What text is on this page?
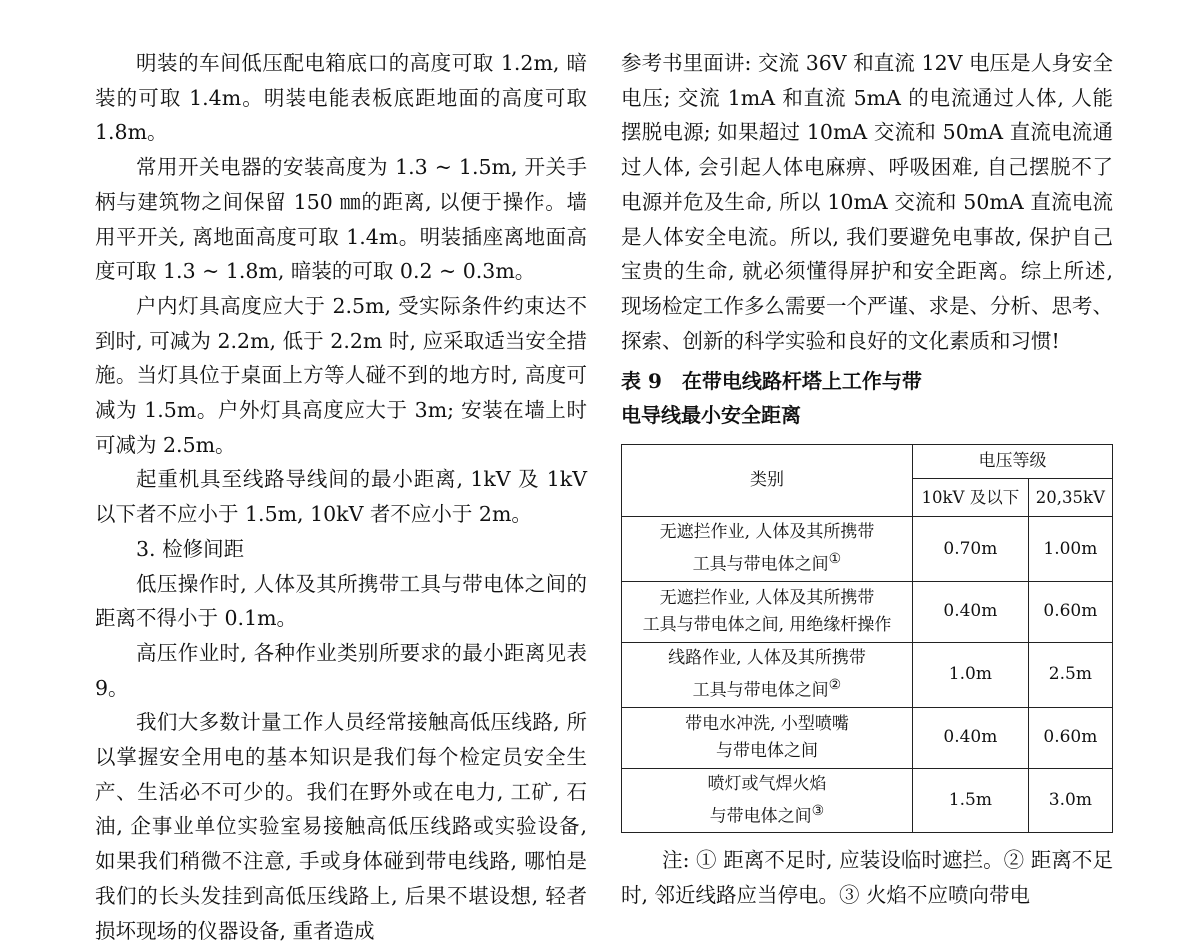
明装的车间低压配电箱底口的高度可取 1.2m, 暗装的可取 1.4m。明装电能表板底距地面的高度可取 1.8m。

常用开关电器的安装高度为 1.3 ~ 1.5m, 开关手柄与建筑物之间保留 150 ㎜的距离, 以便于操作。墙用平开关, 离地面高度可取 1.4m。明装插座离地面高度可取 1.3 ~ 1.8m, 暗装的可取 0.2 ~ 0.3m。

户内灯具高度应大于 2.5m, 受实际条件约束达不到时, 可减为 2.2m, 低于 2.2m 时, 应采取适当安全措施。当灯具位于桌面上方等人碰不到的地方时, 高度可减为 1.5m。户外灯具高度应大于 3m; 安装在墙上时可减为 2.5m。

起重机具至线路导线间的最小距离, 1kV 及 1kV 以下者不应小于 1.5m, 10kV 者不应小于 2m。

3. 检修间距

低压操作时, 人体及其所携带工具与带电体之间的距离不得小于 0.1m。

高压作业时, 各种作业类别所要求的最小距离见表 9。

我们大多数计量工作人员经常接触高低压线路, 所以掌握安全用电的基本知识是我们每个检定员安全生产、生活必不可少的。我们在野外或在电力, 工矿, 石油, 企事业单位实验室易接触高低压线路或实验设备, 如果我们稍微不注意, 手或身体碰到带电线路, 哪怕是我们的长头发挂到高低压线路上, 后果不堪设想, 轻者损坏现场的仪器设备, 重者造成

参考书里面讲: 交流 36V 和直流 12V 电压是人身安全电压; 交流 1mA 和直流 5mA 的电流通过人体, 人能摆脱电源; 如果超过 10mA 交流和 50mA 直流电流通过人体, 会引起人体电麻痹、呼吸困难, 自己摆脱不了电源并危及生命, 所以 10mA 交流和 50mA 直流电流是人体安全电流。所以, 我们要避免电事故, 保护自己宝贵的生命, 就必须懂得屏护和安全距离。综上所述, 现场检定工作多么需要一个严谨、求是、分析、思考、探索、创新的科学实验和良好的文化素质和习惯!

表 9　在带电线路杆塔上工作与带
电导线最小安全距离

类别	电压等级	
	10kV 及以下	20,35kV
无遮拦作业, 人体及其所携带
工具与带电体之间①	0.70m	1.00m
无遮拦作业, 人体及其所携带
工具与带电体之间, 用绝缘杆操作	0.40m	0.60m
线路作业, 人体及其所携带
工具与带电体之间②	1.0m	2.5m
带电水冲洗, 小型喷嘴
与带电体之间	0.40m	0.60m
喷灯或气焊火焰
与带电体之间③	1.5m	3.0m

注: ① 距离不足时, 应装设临时遮拦。② 距离不足时, 邻近线路应当停电。③ 火焰不应喷向带电
